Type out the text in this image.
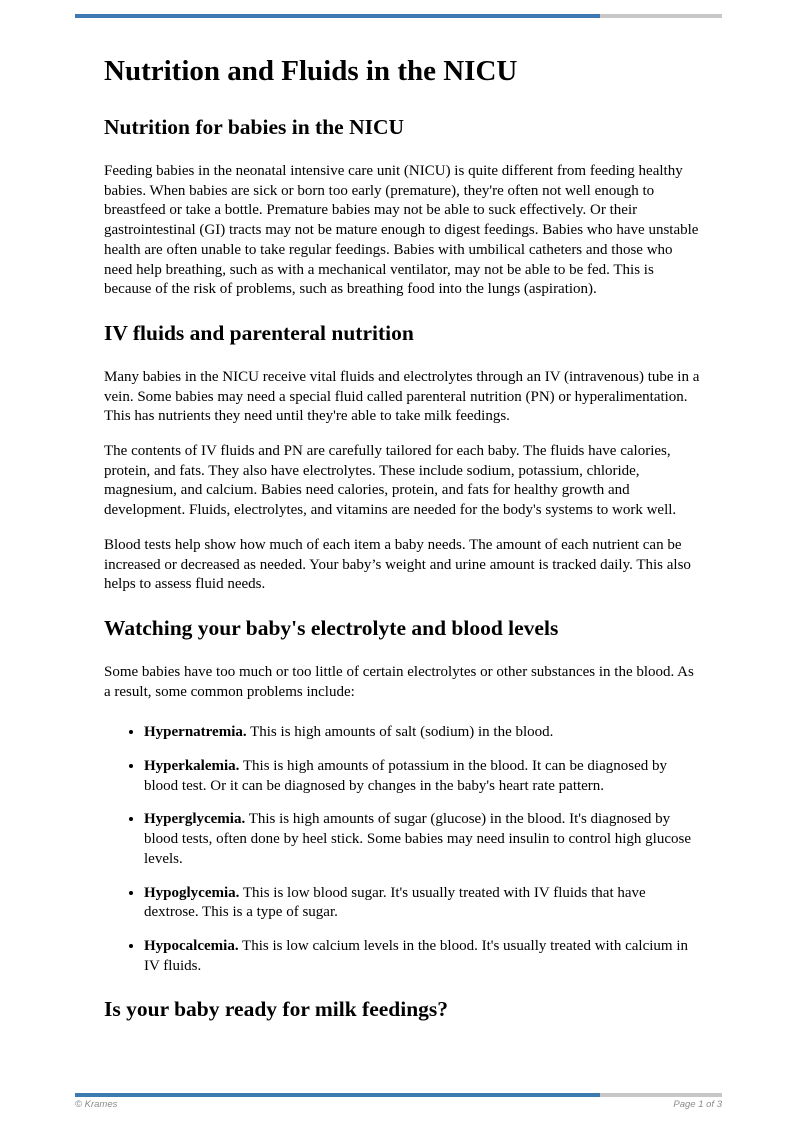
Nutrition and Fluids in the NICU
Nutrition for babies in the NICU

Feeding babies in the neonatal intensive care unit (NICU) is quite different from feeding healthy babies. When babies are sick or born too early (premature), they're often not well enough to breastfeed or take a bottle. Premature babies may not be able to suck effectively. Or their gastrointestinal (GI) tracts may not be mature enough to digest feedings. Babies who have unstable health are often unable to take regular feedings. Babies with umbilical catheters and those who need help breathing, such as with a mechanical ventilator, may not be able to be fed. This is because of the risk of problems, such as breathing food into the lungs (aspiration).

IV fluids and parenteral nutrition

Many babies in the NICU receive vital fluids and electrolytes through an IV (intravenous) tube in a vein. Some babies may need a special fluid called parenteral nutrition (PN) or hyperalimentation. This has nutrients they need until they're able to take milk feedings.

The contents of IV fluids and PN are carefully tailored for each baby. The fluids have calories, protein, and fats. They also have electrolytes. These include sodium, potassium, chloride, magnesium, and calcium. Babies need calories, protein, and fats for healthy growth and development. Fluids, electrolytes, and vitamins are needed for the body's systems to work well.

Blood tests help show how much of each item a baby needs. The amount of each nutrient can be increased or decreased as needed. Your baby’s weight and urine amount is tracked daily. This also helps to assess fluid needs.

Watching your baby's electrolyte and blood levels

Some babies have too much or too little of certain electrolytes or other substances in the blood. As a result, some common problems include:

• Hypernatremia. This is high amounts of salt (sodium) in the blood.
• Hyperkalemia. This is high amounts of potassium in the blood. It can be diagnosed by blood test. Or it can be diagnosed by changes in the baby's heart rate pattern.
• Hyperglycemia. This is high amounts of sugar (glucose) in the blood. It's diagnosed by blood tests, often done by heel stick. Some babies may need insulin to control high glucose levels.
• Hypoglycemia. This is low blood sugar. It's usually treated with IV fluids that have dextrose. This is a type of sugar.
• Hypocalcemia. This is low calcium levels in the blood. It's usually treated with calcium in IV fluids.
Is your baby ready for milk feedings?
© Krames	Page 1 of 3
